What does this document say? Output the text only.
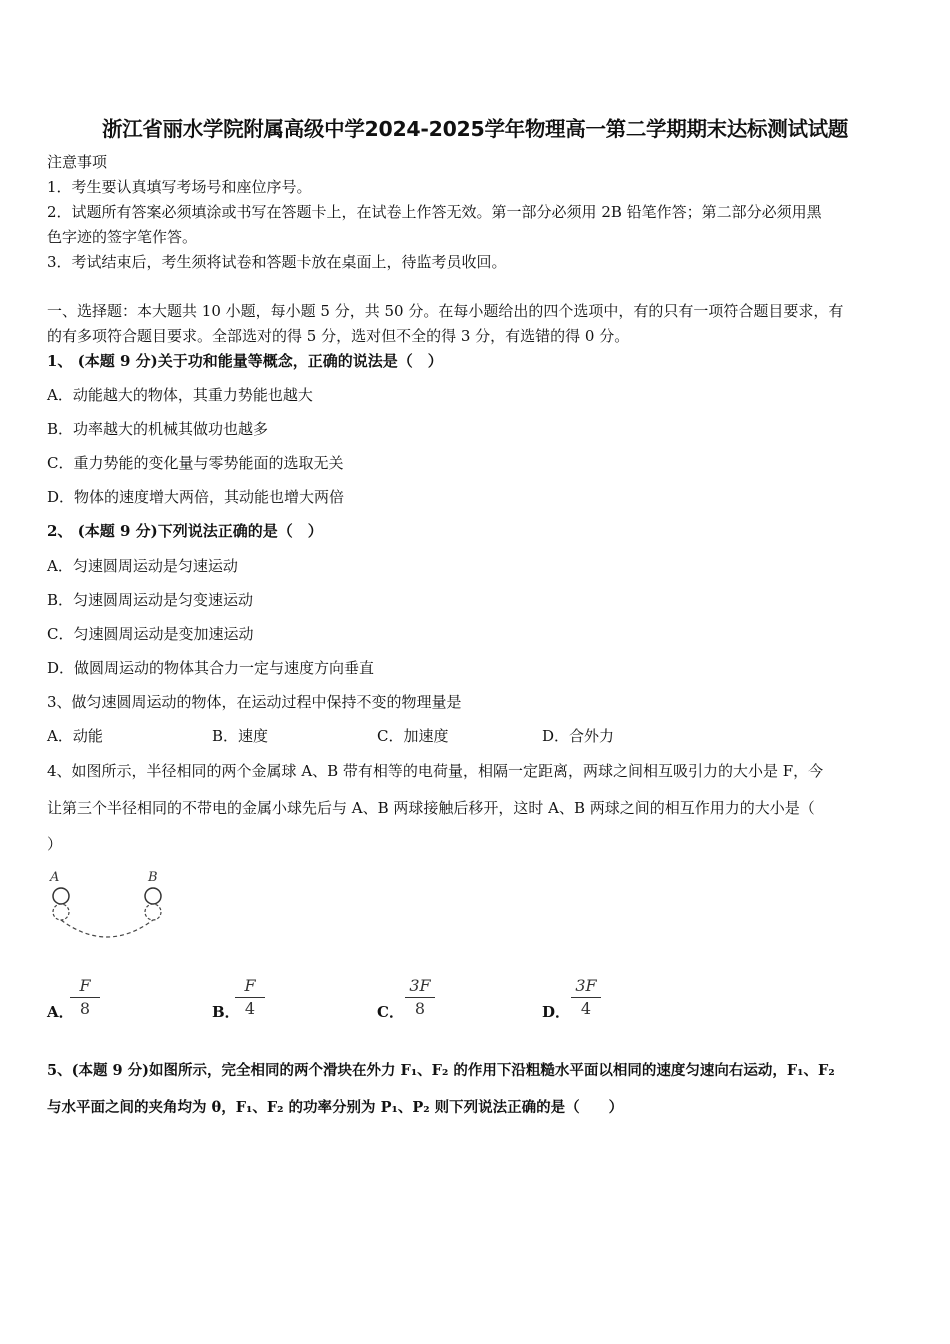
浙江省丽水学院附属高级中学2024-2025学年物理高一第二学期期末达标测试试题
注意事项
1．考生要认真填写考场号和座位序号。
2．试题所有答案必须填涂或书写在答题卡上，在试卷上作答无效。第一部分必须用 2B 铅笔作答；第二部分必须用黑
色字迹的签字笔作答。
3．考试结束后，考生须将试卷和答题卡放在桌面上，待监考员收回。
一、选择题：本大题共 10 小题，每小题 5 分，共 50 分。在每小题给出的四个选项中，有的只有一项符合题目要求，有
的有多项符合题目要求。全部选对的得 5 分，选对但不全的得 3 分，有选错的得 0 分。
1、 (本题 9 分)关于功和能量等概念，正确的说法是（　）
A．动能越大的物体，其重力势能也越大
B．功率越大的机械其做功也越多
C．重力势能的变化量与零势能面的选取无关
D．物体的速度增大两倍，其动能也增大两倍
2、 (本题 9 分)下列说法正确的是（　）
A．匀速圆周运动是匀速运动
B．匀速圆周运动是匀变速运动
C．匀速圆周运动是变加速运动
D．做圆周运动的物体其合力一定与速度方向垂直
3、做匀速圆周运动的物体，在运动过程中保持不变的物理量是
A．动能	B．速度	C．加速度	D．合外力
4、如图所示，半径相同的两个金属球 A、B 带有相等的电荷量，相隔一定距离，两球之间相互吸引力的大小是 F，今
让第三个半径相同的不带电的金属小球先后与 A、B 两球接触后移开，这时 A、B 两球之间的相互作用力的大小是（
）
A	B
A．
F
8	B．
F
4	C．
3F
8	D．
3F
4
5、(本题 9 分)如图所示，完全相同的两个滑块在外力 F₁、F₂ 的作用下沿粗糙水平面以相同的速度匀速向右运动，F₁、F₂
与水平面之间的夹角均为 θ，F₁、F₂ 的功率分别为 P₁、P₂ 则下列说法正确的是（　　）
